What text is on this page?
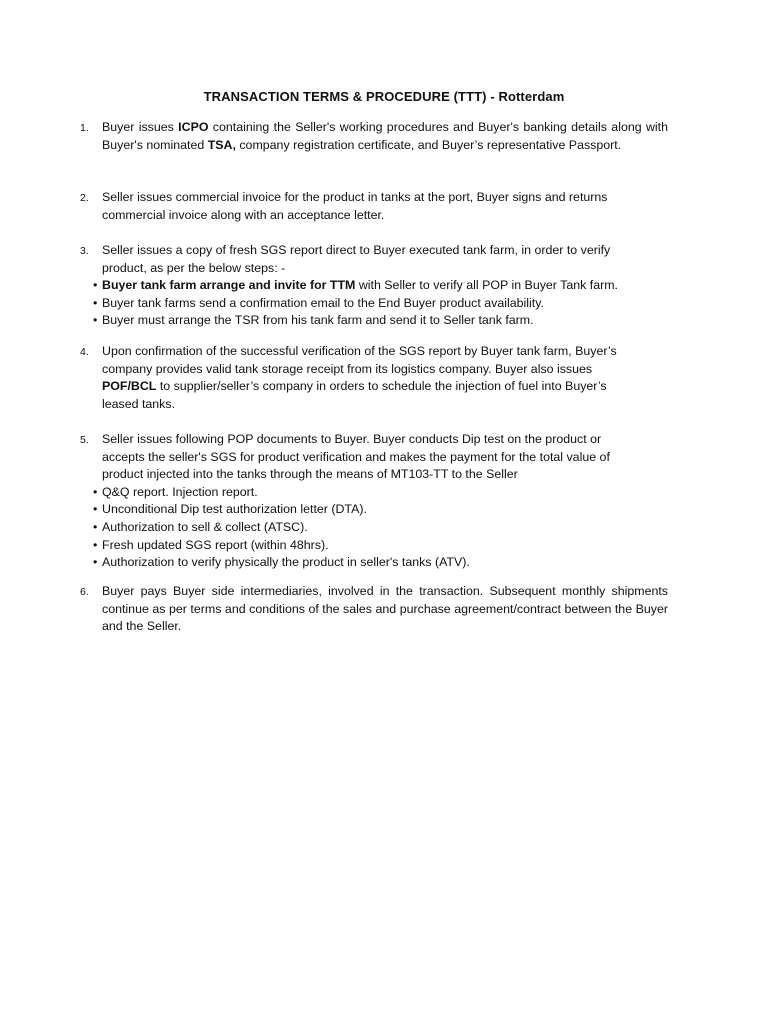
TRANSACTION TERMS & PROCEDURE (TTT) - Rotterdam
1. Buyer issues ICPO containing the Seller's working procedures and Buyer's banking details along with Buyer's nominated TSA, company registration certificate, and Buyer’s representative Passport.
2. Seller issues commercial invoice for the product in tanks at the port, Buyer signs and returns
commercial invoice along with an acceptance letter.
3. Seller issues a copy of fresh SGS report direct to Buyer executed tank farm, in order to verify
product, as per the below steps: -
• Buyer tank farm arrange and invite for TTM with Seller to verify all POP in Buyer Tank farm.
• Buyer tank farms send a confirmation email to the End Buyer product availability.
• Buyer must arrange the TSR from his tank farm and send it to Seller tank farm.
4. Upon confirmation of the successful verification of the SGS report by Buyer tank farm, Buyer’s
company provides valid tank storage receipt from its logistics company. Buyer also issues
POF/BCL to supplier/seller’s company in orders to schedule the injection of fuel into Buyer’s
leased tanks.
5. Seller issues following POP documents to Buyer. Buyer conducts Dip test on the product or
accepts the seller's SGS for product verification and makes the payment for the total value of
product injected into the tanks through the means of MT103-TT to the Seller
• Q&Q report. Injection report.
• Unconditional Dip test authorization letter (DTA).
• Authorization to sell & collect (ATSC).
• Fresh updated SGS report (within 48hrs).
• Authorization to verify physically the product in seller's tanks (ATV).
6. Buyer pays Buyer side intermediaries, involved in the transaction. Subsequent monthly shipments continue as per terms and conditions of the sales and purchase agreement/contract between the Buyer and the Seller.
